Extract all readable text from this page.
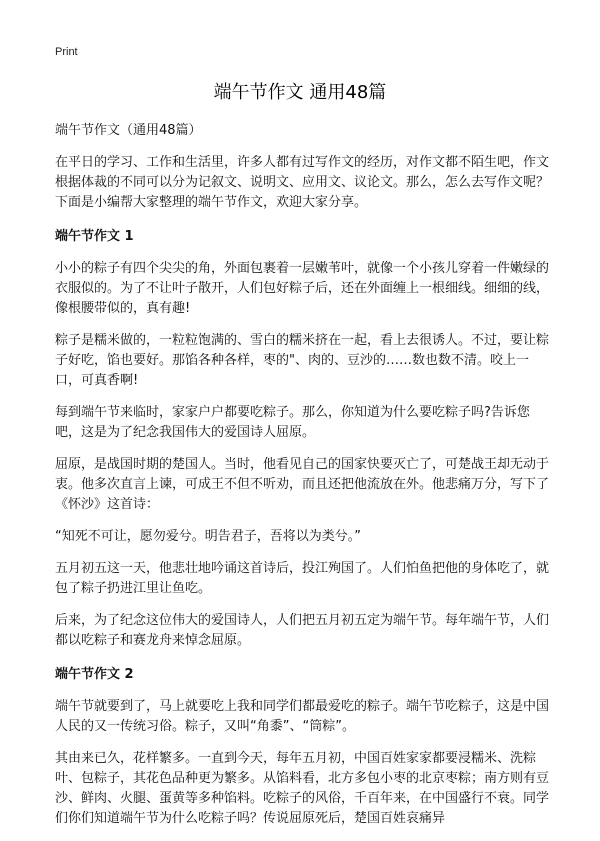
Print
端午节作文 通用48篇
端午节作文（通用48篇）
在平日的学习、工作和生活里，许多人都有过写作文的经历，对作文都不陌生吧，作文根据体裁的不同可以分为记叙文、说明文、应用文、议论文。那么，怎么去写作文呢？下面是小编帮大家整理的端午节作文，欢迎大家分享。
端午节作文 1
小小的粽子有四个尖尖的角，外面包裹着一层嫩苇叶，就像一个小孩儿穿着一件嫩绿的衣服似的。为了不让叶子散开，人们包好粽子后，还在外面缠上一根细线。细细的线，像根腰带似的，真有趣!
粽子是糯米做的，一粒粒饱满的、雪白的糯米挤在一起，看上去很诱人。不过，要让粽子好吃，馅也要好。那馅各种各样，枣的"、肉的、豆沙的……数也数不清。咬上一口，可真香啊!
每到端午节来临时，家家户户都要吃粽子。那么，你知道为什么要吃粽子吗?告诉您吧，这是为了纪念我国伟大的爱国诗人屈原。
屈原，是战国时期的楚国人。当时，他看见自己的国家快要灭亡了，可楚战王却无动于衷。他多次直言上谏，可成王不但不听劝，而且还把他流放在外。他悲痛万分，写下了《怀沙》这首诗：
“知死不可让，愿勿爱兮。明告君子，吾将以为类兮。”
五月初五这一天，他悲壮地吟诵这首诗后，投江殉国了。人们怕鱼把他的身体吃了，就包了粽子扔进江里让鱼吃。
后来，为了纪念这位伟大的爱国诗人，人们把五月初五定为端午节。每年端午节，人们都以吃粽子和赛龙舟来悼念屈原。
端午节作文 2
端午节就要到了，马上就要吃上我和同学们都最爱吃的粽子。端午节吃粽子，这是中国人民的又一传统习俗。粽子，又叫“角黍”、“筒粽”。
其由来已久，花样繁多。一直到今天，每年五月初，中国百姓家家都要浸糯米、洗粽叶、包粽子，其花色品种更为繁多。从馅料看，北方多包小枣的北京枣粽；南方则有豆沙、鲜肉、火腿、蛋黄等多种馅料。吃粽子的风俗，千百年来，在中国盛行不衰。同学们你们知道端午节为什么吃粽子吗？传说屈原死后，楚国百姓哀痛异
